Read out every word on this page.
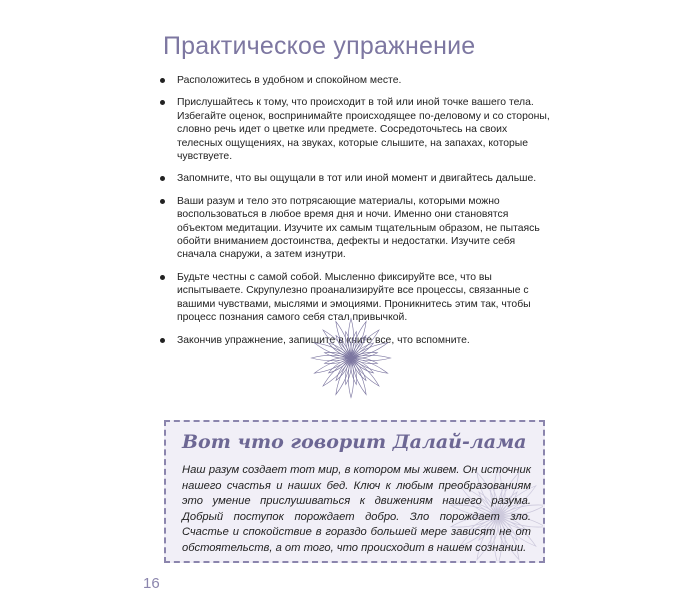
Практическое упражнение
Расположитесь в удобном и спокойном месте.
Прислушайтесь к тому, что происходит в той или иной точке вашего тела. Избегайте оценок, воспринимайте происходящее по-деловому и со стороны, словно речь идет о цветке или предмете. Сосредоточьтесь на своих телесных ощущениях, на звуках, которые слышите, на запахах, которые чувствуете.
Запомните, что вы ощущали в тот или иной момент и двигайтесь дальше.
Ваши разум и тело это потрясающие материалы, которыми можно воспользоваться в любое время дня и ночи. Именно они становятся объектом медитации. Изучите их самым тщательным образом, не пытаясь обойти вниманием достоинства, дефекты и недостатки. Изучите себя сначала снаружи, а затем изнутри.
Будьте честны с самой собой. Мысленно фиксируйте все, что вы испытываете. Скрупулезно проанализируйте все процессы, связанные с вашими чувствами, мыслями и эмоциями. Проникнитесь этим так, чтобы процесс познания самого себя стал привычкой.
Закончив упражнение, запишите в книге все, что вспомните.
Вот что говорит Далай-лама

Наш разум создает тот мир, в котором мы живем. Он источник нашего счастья и наших бед. Ключ к любым преобразованиям это умение прислушиваться к движениям нашего разума. Добрый поступок порождает добро. Зло порождает зло. Счастье и спокойствие в гораздо большей мере зависят не от обстоятельств, а от того, что происходит в нашем сознании.

16
